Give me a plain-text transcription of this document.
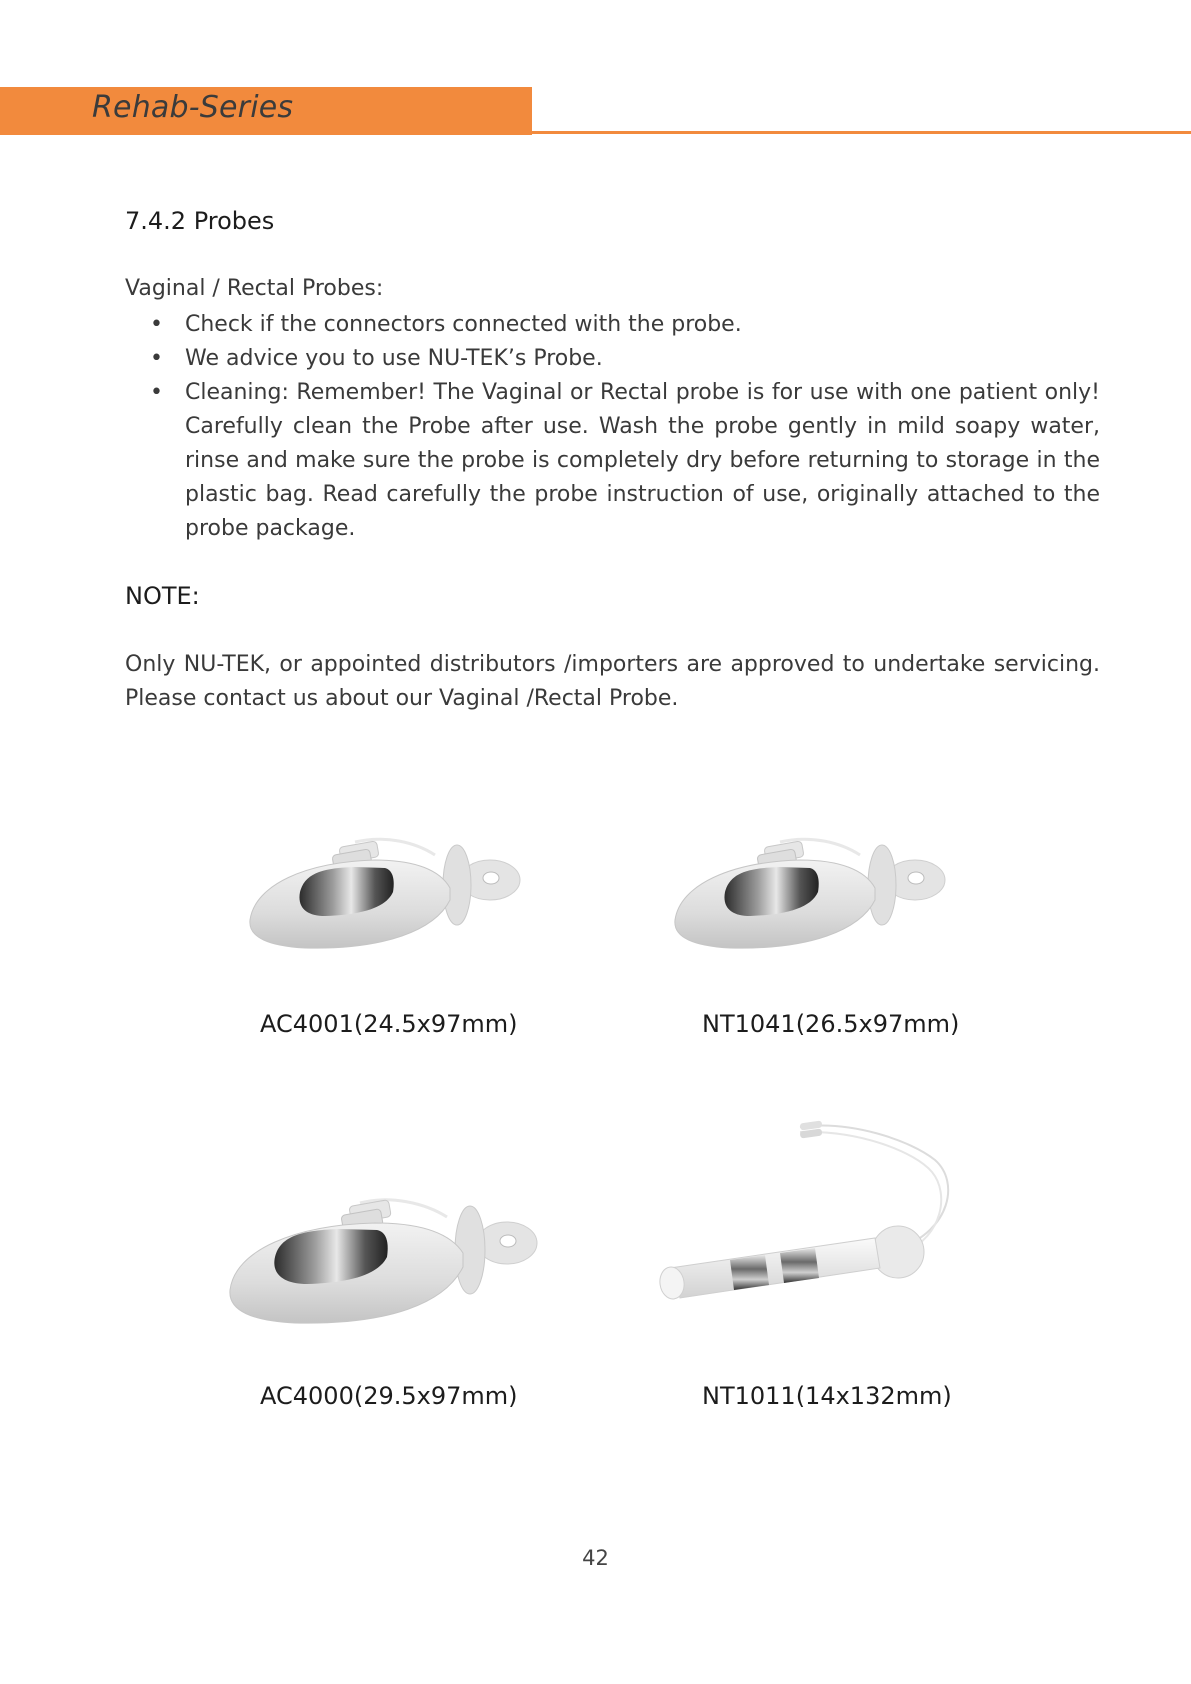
Rehab-Series
7.4.2 Probes
Vaginal / Rectal Probes:
• Check if the connectors connected with the probe.
• We advice you to use NU-TEK’s Probe.
• Cleaning: Remember! The Vaginal or Rectal probe is for use with one patient only! Carefully clean the Probe after use. Wash the probe gently in mild soapy water, rinse and make sure the probe is completely dry before returning to storage in the plastic bag. Read carefully the probe instruction of use, originally attached to the probe package.
NOTE:
Only NU-TEK, or appointed distributors /importers are approved to undertake servicing. Please contact us about our Vaginal /Rectal Probe.
AC4001(24.5x97mm)	NT1041(26.5x97mm)
AC4000(29.5x97mm)	NT1011(14x132mm)
42
